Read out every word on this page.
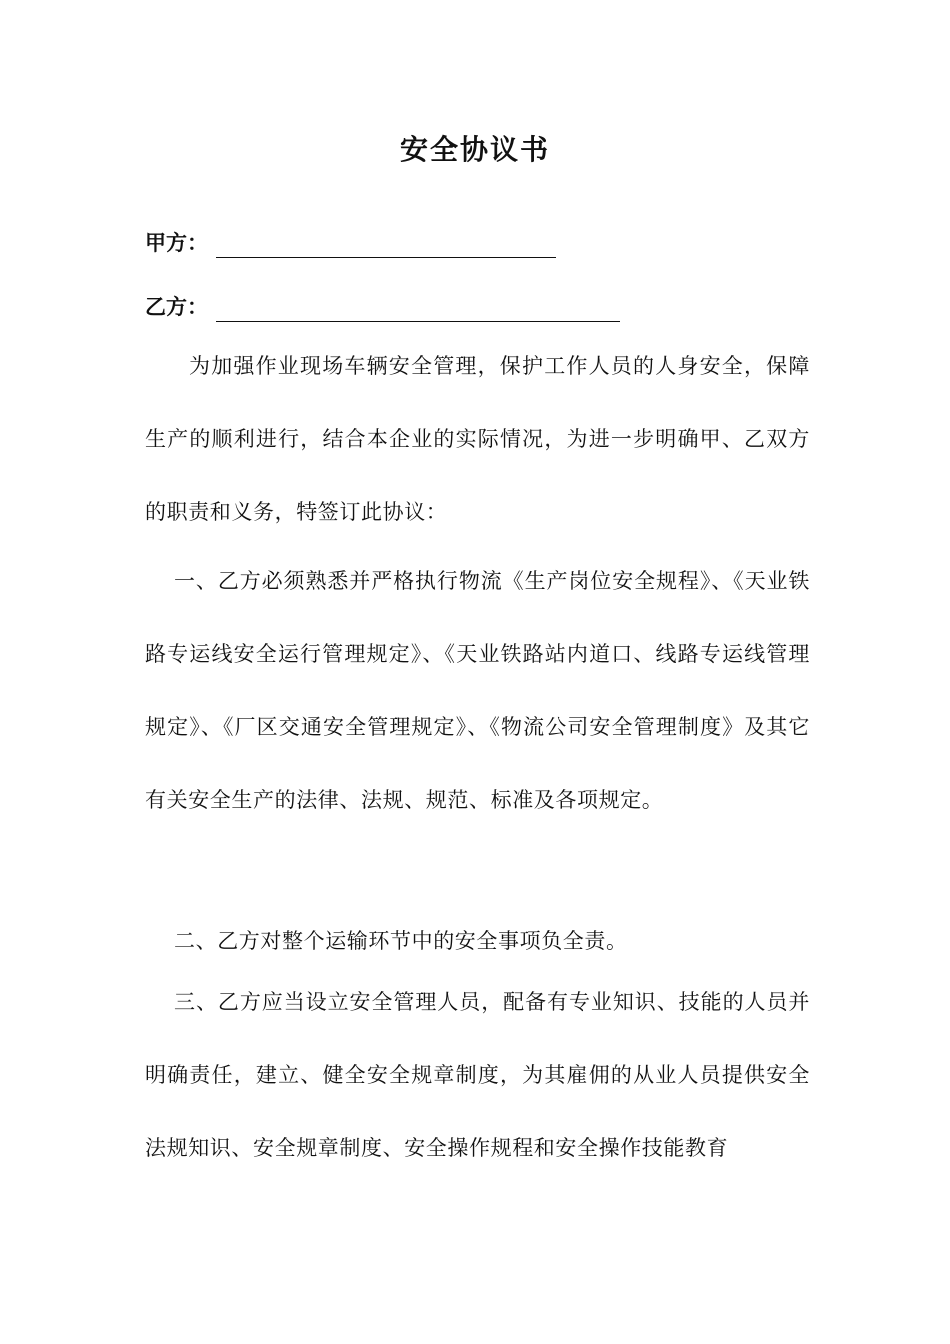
安全协议书
甲方：
乙方：
为加强作业现场车辆安全管理，保护工作人员的人身安全，保障生产的顺利进行，结合本企业的实际情况，为进一步明确甲、乙双方的职责和义务，特签订此协议：
一、乙方必须熟悉并严格执行物流《生产岗位安全规程》、《天业铁路专运线安全运行管理规定》、《天业铁路站内道口、线路专运线管理规定》、《厂区交通安全管理规定》、《物流公司安全管理制度》及其它有关安全生产的法律、法规、规范、标准及各项规定。
二、乙方对整个运输环节中的安全事项负全责。
三、乙方应当设立安全管理人员，配备有专业知识、技能的人员并明确责任，建立、健全安全规章制度，为其雇佣的从业人员提供安全法规知识、安全规章制度、安全操作规程和安全操作技能教育
